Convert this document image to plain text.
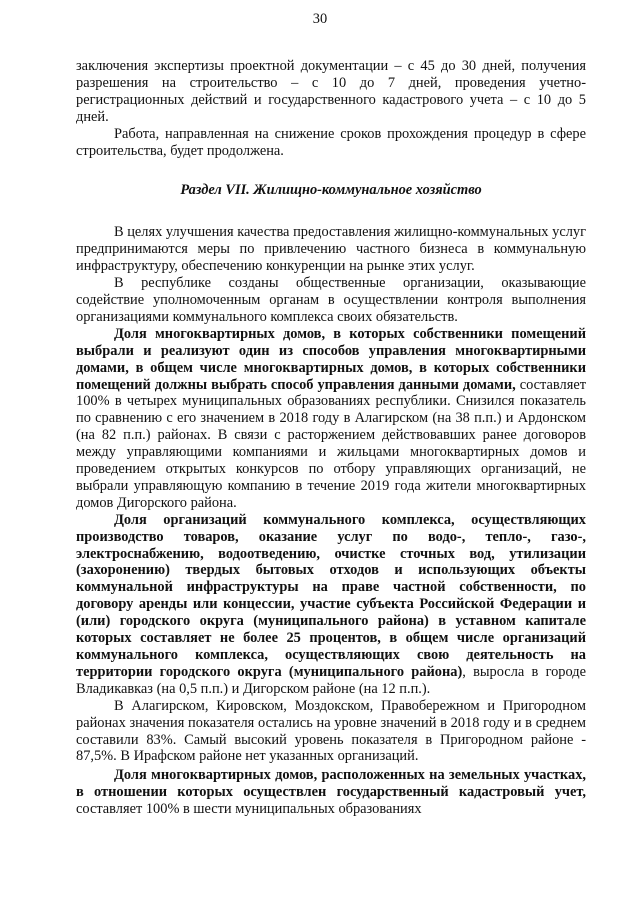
30

заключения экспертизы проектной документации – с 45 до 30 дней, получения разрешения на строительство – с 10 до 7 дней, проведения учетно-регистрационных действий и государственного кадастрового учета – с 10 до 5 дней.

Работа, направленная на снижение сроков прохождения процедур в сфере строительства, будет продолжена.

Раздел VII. Жилищно-коммунальное хозяйство

В целях улучшения качества предоставления жилищно-коммунальных услуг предпринимаются меры по привлечению частного бизнеса в коммунальную инфраструктуру, обеспечению конкуренции на рынке этих услуг.

В республике созданы общественные организации, оказывающие содействие уполномоченным органам в осуществлении контроля выполнения организациями коммунального комплекса своих обязательств.

Доля многоквартирных домов, в которых собственники помещений выбрали и реализуют один из способов управления многоквартирными домами, в общем числе многоквартирных домов, в которых собственники помещений должны выбрать способ управления данными домами, составляет 100% в четырех муниципальных образованиях республики. Снизился показатель по сравнению с его значением в 2018 году в Алагирском (на 38 п.п.) и Ардонском (на 82 п.п.) районах. В связи с расторжением действовавших ранее договоров между управляющими компаниями и жильцами многоквартирных домов и проведением открытых конкурсов по отбору управляющих организаций, не выбрали управляющую компанию в течение 2019 года жители многоквартирных домов Дигорского района.

Доля организаций коммунального комплекса, осуществляющих производство товаров, оказание услуг по водо-, тепло-, газо-, электроснабжению, водоотведению, очистке сточных вод, утилизации (захоронению) твердых бытовых отходов и использующих объекты коммунальной инфраструктуры на праве частной собственности, по договору аренды или концессии, участие субъекта Российской Федерации и (или) городского округа (муниципального района) в уставном капитале которых составляет не более 25 процентов, в общем числе организаций коммунального комплекса, осуществляющих свою деятельность на территории городского округа (муниципального района), выросла в городе Владикавказ (на 0,5 п.п.) и Дигорском районе (на 12 п.п.).

В Алагирском, Кировском, Моздокском, Правобережном и Пригородном районах значения показателя остались на уровне значений в 2018 году и в среднем составили 83%. Самый высокий уровень показателя в Пригородном районе - 87,5%. В Ирафском районе нет указанных организаций.

Доля многоквартирных домов, расположенных на земельных участках, в отношении которых осуществлен государственный кадастровый учет, составляет 100% в шести муниципальных образованиях
